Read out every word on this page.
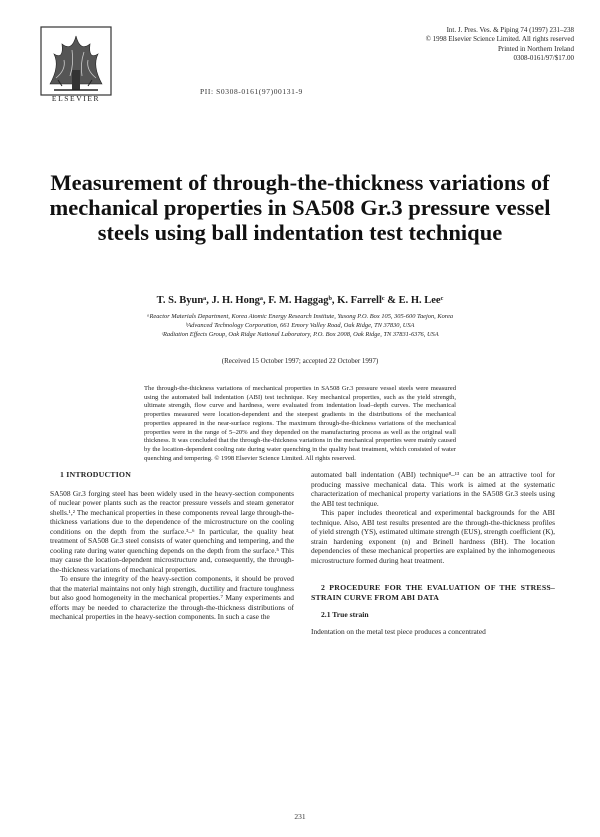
ELSEVIER
PII: S0308-0161(97)00131-9
Int. J. Pres. Ves. & Piping 74 (1997) 231–238
© 1998 Elsevier Science Limited. All rights reserved
Printed in Northern Ireland
0308-0161/97/$17.00
Measurement of through-the-thickness variations of mechanical properties in SA508 Gr.3 pressure vessel steels using ball indentation test technique
T. S. Byunᵃ, J. H. Hongᵃ, F. M. Haggagᵇ, K. Farrellᶜ & E. H. Leeᶜ
ᵃReactor Materials Department, Korea Atomic Energy Research Institute, Yusong P.O. Box 105, 305-600 Taejon, Korea
ᵇAdvanced Technology Corporation, 661 Emory Valley Road, Oak Ridge, TN 37830, USA
ᶜRadiation Effects Group, Oak Ridge National Laboratory, P.O. Box 2008, Oak Ridge, TN 37831-6376, USA
(Received 15 October 1997; accepted 22 October 1997)

The through-the-thickness variations of mechanical properties in SA508 Gr.3 pressure vessel steels were measured using the automated ball indentation (ABI) test technique. Key mechanical properties, such as the yield strength, ultimate strength, flow curve and hardness, were evaluated from indentation load–depth curves. The mechanical properties measured were location-dependent and the steepest gradients in the distributions of the mechanical properties appeared in the near-surface regions. The maximum through-the-thickness variations of the mechanical properties were in the range of 5–20% and they depended on the manufacturing process as well as the original wall thickness. It was concluded that the through-the-thickness variations in the mechanical properties were mainly caused by the location-dependent cooling rate during water quenching in the quality heat treatment, which consisted of water quenching and tempering. © 1998 Elsevier Science Limited. All rights reserved.

1 INTRODUCTION

SA508 Gr.3 forging steel has been widely used in the heavy-section components of nuclear power plants such as the reactor pressure vessels and steam generator shells.¹,² The mechanical properties in these components reveal large through-the-thickness variations due to the dependence of the microstructure on the cooling conditions on the depth from the surface.³–⁶ In particular, the quality heat treatment of SA508 Gr.3 steel consists of water quenching and tempering, and the cooling rate during water quenching depends on the depth from the surface.⁵ This may cause the location-dependent microstructure and, consequently, the through-the-thickness variations of mechanical properties.

To ensure the integrity of the heavy-section components, it should be proved that the material maintains not only high strength, ductility and fracture toughness but also good homogeneity in the mechanical properties.⁷ Many experiments and efforts may be needed to characterize the through-the-thickness distributions of mechanical properties in the heavy-section components. In such a case the

automated ball indentation (ABI) technique⁸–¹³ can be an attractive tool for producing massive mechanical data. This work is aimed at the systematic characterization of mechanical property variations in the SA508 Gr.3 steels using the ABI test technique.

This paper includes theoretical and experimental backgrounds for the ABI technique. Also, ABI test results presented are the through-the-thickness profiles of yield strength (YS), estimated ultimate strength (EUS), strength coefficient (K), strain hardening exponent (n) and Brinell hardness (BH). The location dependencies of these mechanical properties are explained by the inhomogeneous microstructure formed during heat treatment.

2 PROCEDURE FOR THE EVALUATION OF THE STRESS–STRAIN CURVE FROM ABI DATA

2.1 True strain

Indentation on the metal test piece produces a concentrated

231
